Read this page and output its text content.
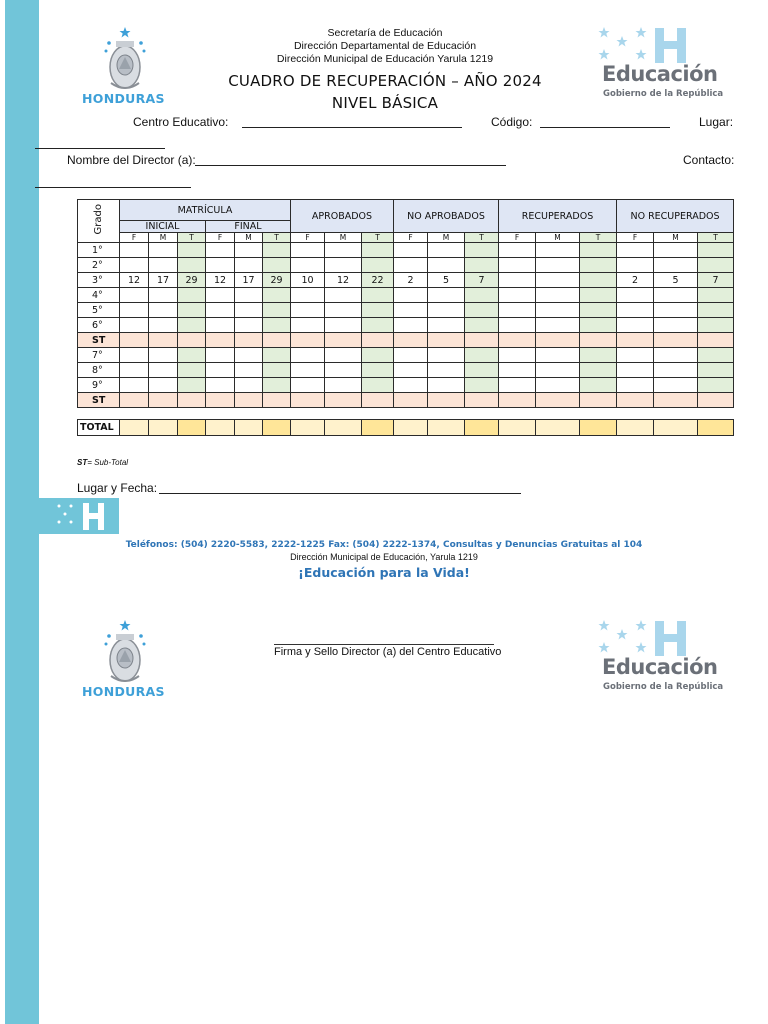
HONDURAS
Educación
Gobierno de la República
Secretaría de Educación
Dirección Departamental de Educación
Dirección Municipal de Educación Yarula 1219
CUADRO DE RECUPERACIÓN – AÑO 2024
NIVEL BÁSICA
Centro Educativo:	Código:	Lugar:
Nombre del Director (a):	Contacto:
Grado	MATRÍCULA						APROBADOS			NO APROBADOS			RECUPERADOS			NO RECUPERADOS		
	INICIAL			FINAL														
	F	M	T	F	M	T	F	M	T	F	M	T	F	M	T	F	M	T
1°																		
2°																		
3°	12	17	29	12	17	29	10	12	22	2	5	7				2	5	7
4°																		
5°																		
6°																		
ST																		
7°																		
8°																		
9°																		
ST																		

TOTAL																		
ST= Sub-Total
Lugar y Fecha:
Teléfonos: (504) 2220-5583, 2222-1225 Fax: (504) 2222-1374, Consultas y Denuncias Gratuitas al 104
Dirección Municipal de Educación, Yarula 1219
¡Educación para la Vida!
HONDURAS
Educación
Gobierno de la República
Firma y Sello Director (a) del Centro Educativo
